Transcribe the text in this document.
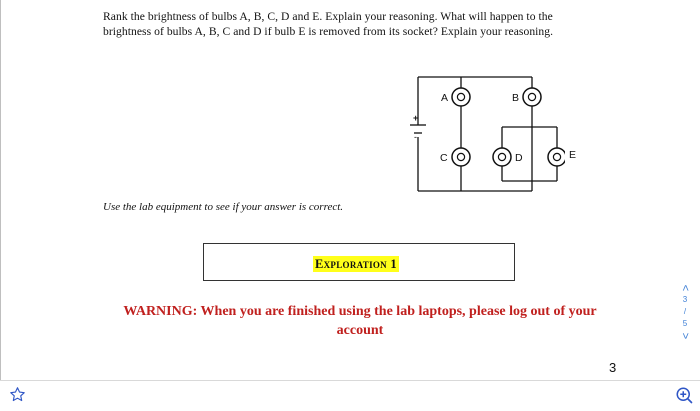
Rank the brightness of bulbs A, B, C, D and E. Explain your reasoning. What will happen to the
brightness of bulbs A, B, C and D if bulb E is removed from its socket? Explain your reasoning.
A	B
C	D
+
-
E
Use the lab equipment to see if your answer is correct.
Exploration 1
WARNING: When you are finished using the lab laptops, please log out of your account
3
<
3
/
5
>
